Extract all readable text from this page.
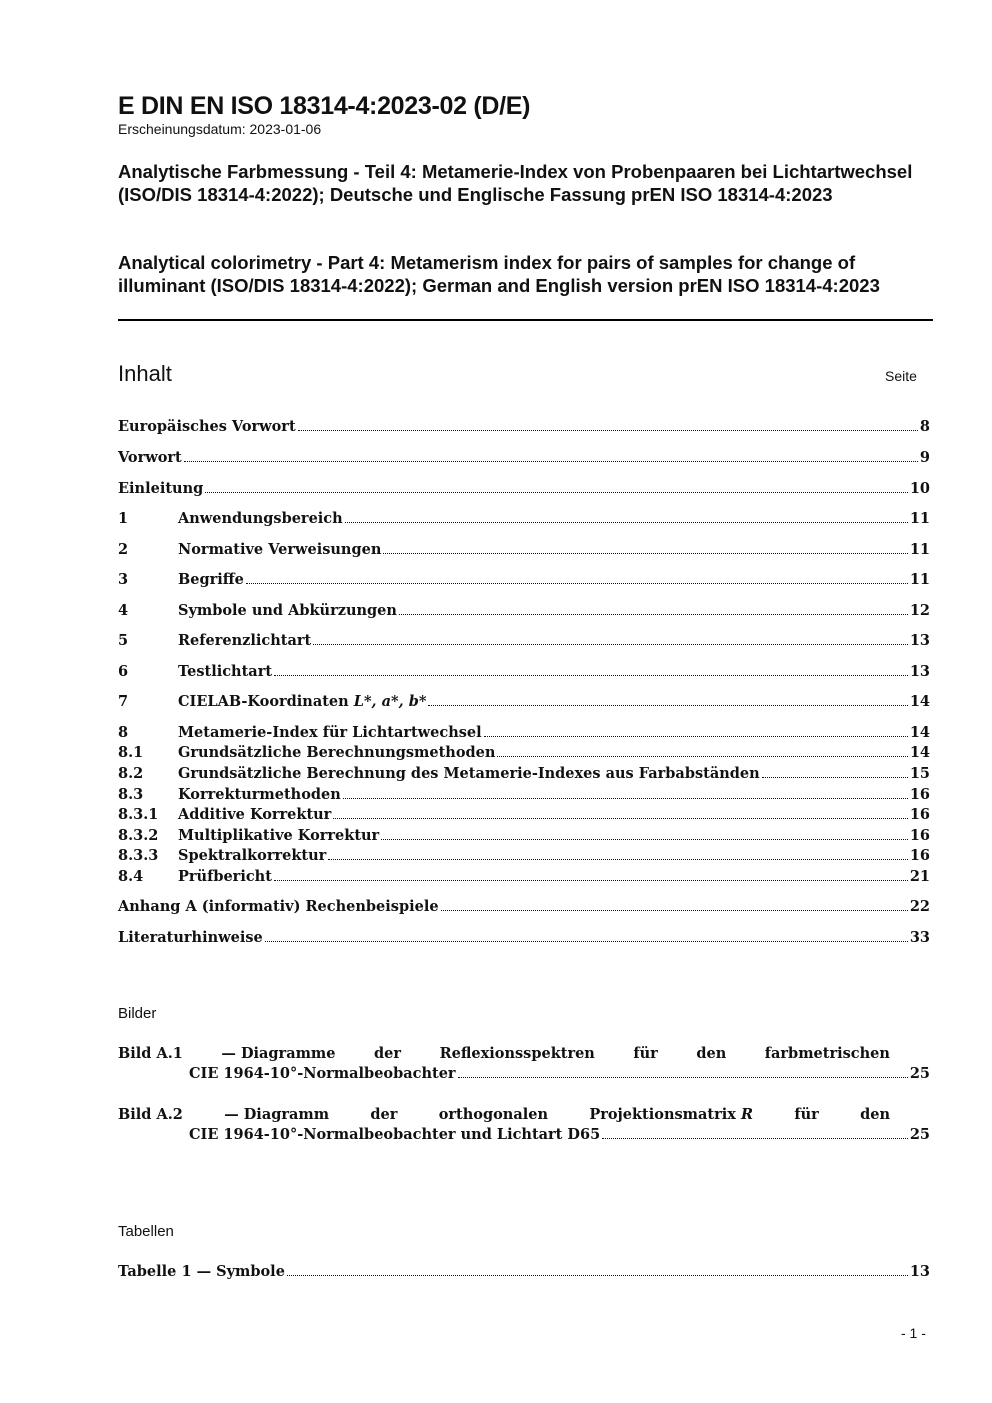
E DIN EN ISO 18314-4:2023-02 (D/E)
Erscheinungsdatum: 2023-01-06
Analytische Farbmessung - Teil 4: Metamerie-Index von Probenpaaren bei Lichtartwechsel (ISO/DIS 18314-4:2022); Deutsche und Englische Fassung prEN ISO 18314-4:2023
Analytical colorimetry - Part 4: Metamerism index for pairs of samples for change of illuminant (ISO/DIS 18314-4:2022); German and English version prEN ISO 18314-4:2023
Inhalt	Seite
Europäisches Vorwort	8
Vorwort	9
Einleitung	10
1	Anwendungsbereich	11
2	Normative Verweisungen	11
3	Begriffe	11
4	Symbole und Abkürzungen	12
5	Referenzlichtart	13
6	Testlichtart	13
7	CIELAB-Koordinaten L*, a*, b*	14
8	Metamerie-Index für Lichtartwechsel	14
8.1	Grundsätzliche Berechnungsmethoden	14
8.2	Grundsätzliche Berechnung des Metamerie-Indexes aus Farbabständen	15
8.3	Korrekturmethoden	16
8.3.1	Additive Korrektur	16
8.3.2	Multiplikative Korrektur	16
8.3.3	Spektralkorrektur	16
8.4	Prüfbericht	21
Anhang A (informativ) Rechenbeispiele	22
Literaturhinweise	33
Bilder
Bild A.1	— Diagramme	der	Reflexionsspektren	für	den	farbmetrischen
CIE 1964-10°-Normalbeobachter	25
Bild A.2	— Diagramm	der	orthogonalen	Projektionsmatrix R	für	den
CIE 1964-10°-Normalbeobachter und Lichtart D65	25
Tabellen
Tabelle 1 — Symbole	13
- 1 -
